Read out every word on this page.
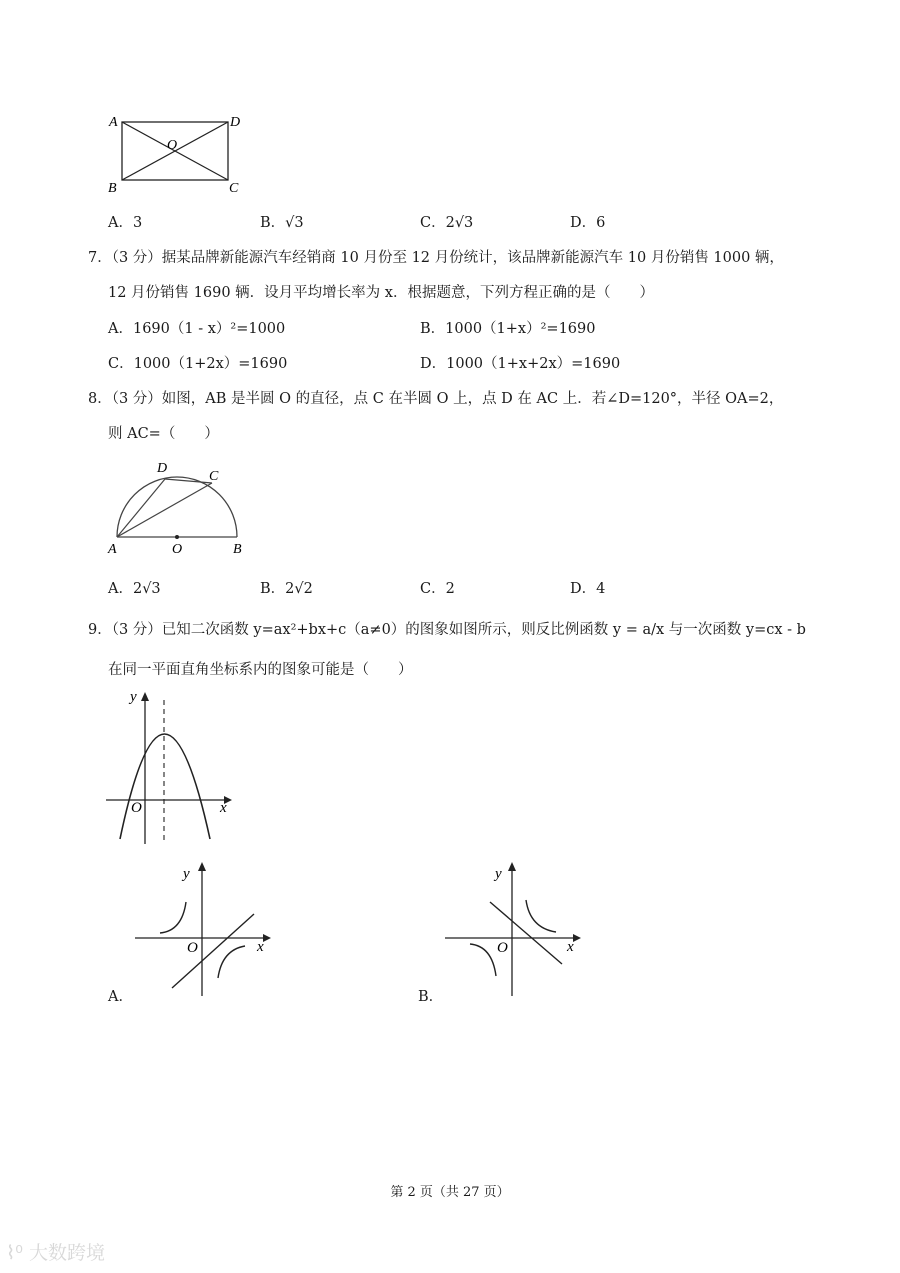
A	D
O
B	C
A．3	B．√3	C．2√3	D．6
7．（3 分）据某品牌新能源汽车经销商 10 月份至 12 月份统计，该品牌新能源汽车 10 月份销售 1000 辆，
12 月份销售 1690 辆．设月平均增长率为 x．根据题意，下列方程正确的是（　　）
A．1690（1 - x）²=1000	B．1000（1+x）²=1690
C．1000（1+2x）=1690	D．1000（1+x+2x）=1690
8．（3 分）如图，AB 是半圆 O 的直径，点 C 在半圆 O 上，点 D 在 AC 上．若∠D=120°，半径 OA=2，
则 AC=（　　）
D
C
A	O	B
A．2√3	B．2√2	C．2	D．4
9．（3 分）已知二次函数 y=ax²+bx+c（a≠0）的图象如图所示，则反比例函数 y = a/x 与一次函数 y=cx - b
在同一平面直角坐标系内的图象可能是（　　）
y
x
O
y
x
O
A．
y
x
O
B．
第 2 页（共 27 页）
⌇⁰ 大数跨境
